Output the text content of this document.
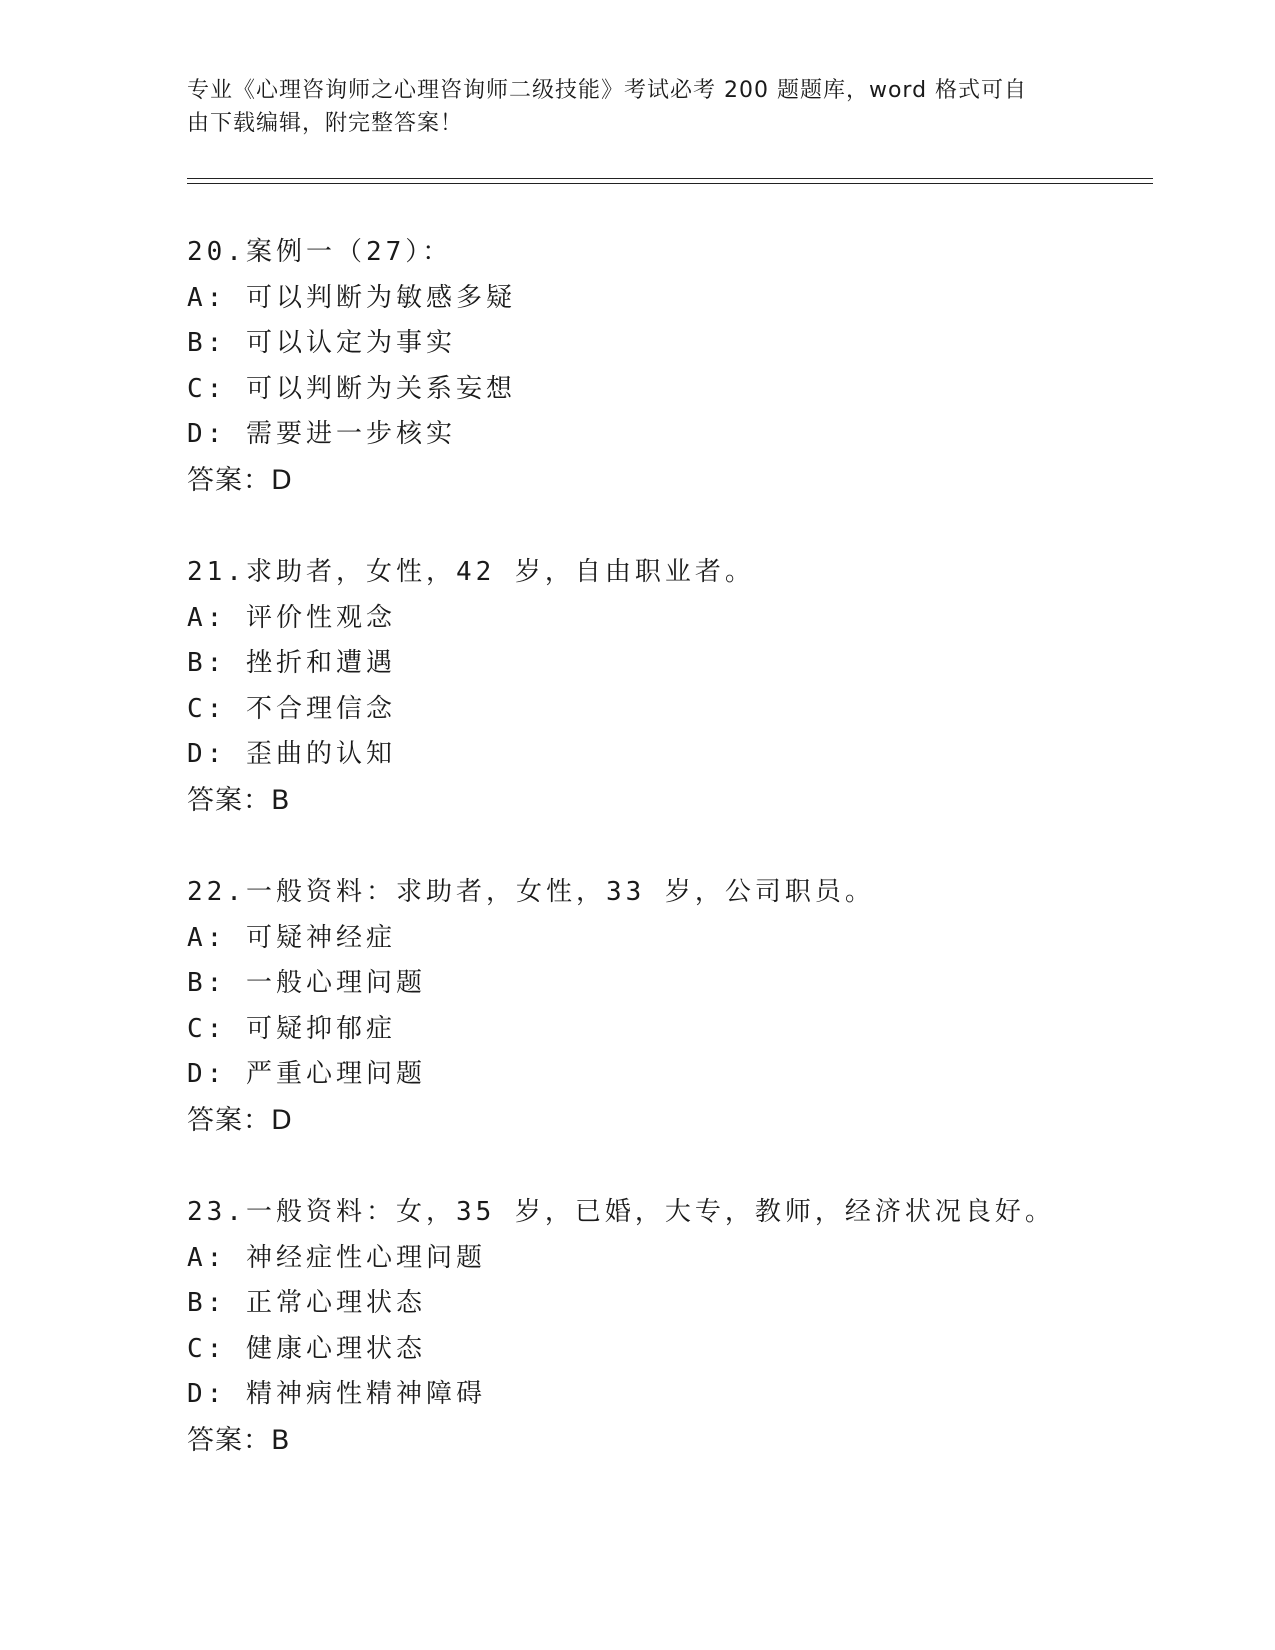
专业《心理咨询师之心理咨询师二级技能》考试必考 200 题题库，word 格式可自
由下载编辑，附完整答案！
20.案例一（27）：
A: 可以判断为敏感多疑
B: 可以认定为事实
C: 可以判断为关系妄想
D: 需要进一步核实
答案：D
21.求助者，女性，42 岁，自由职业者。
A: 评价性观念
B: 挫折和遭遇
C: 不合理信念
D: 歪曲的认知
答案：B
22.一般资料：求助者，女性，33 岁，公司职员。
A: 可疑神经症
B: 一般心理问题
C: 可疑抑郁症
D: 严重心理问题
答案：D
23.一般资料：女，35 岁，已婚，大专，教师，经济状况良好。
A: 神经症性心理问题
B: 正常心理状态
C: 健康心理状态
D: 精神病性精神障碍
答案：B
